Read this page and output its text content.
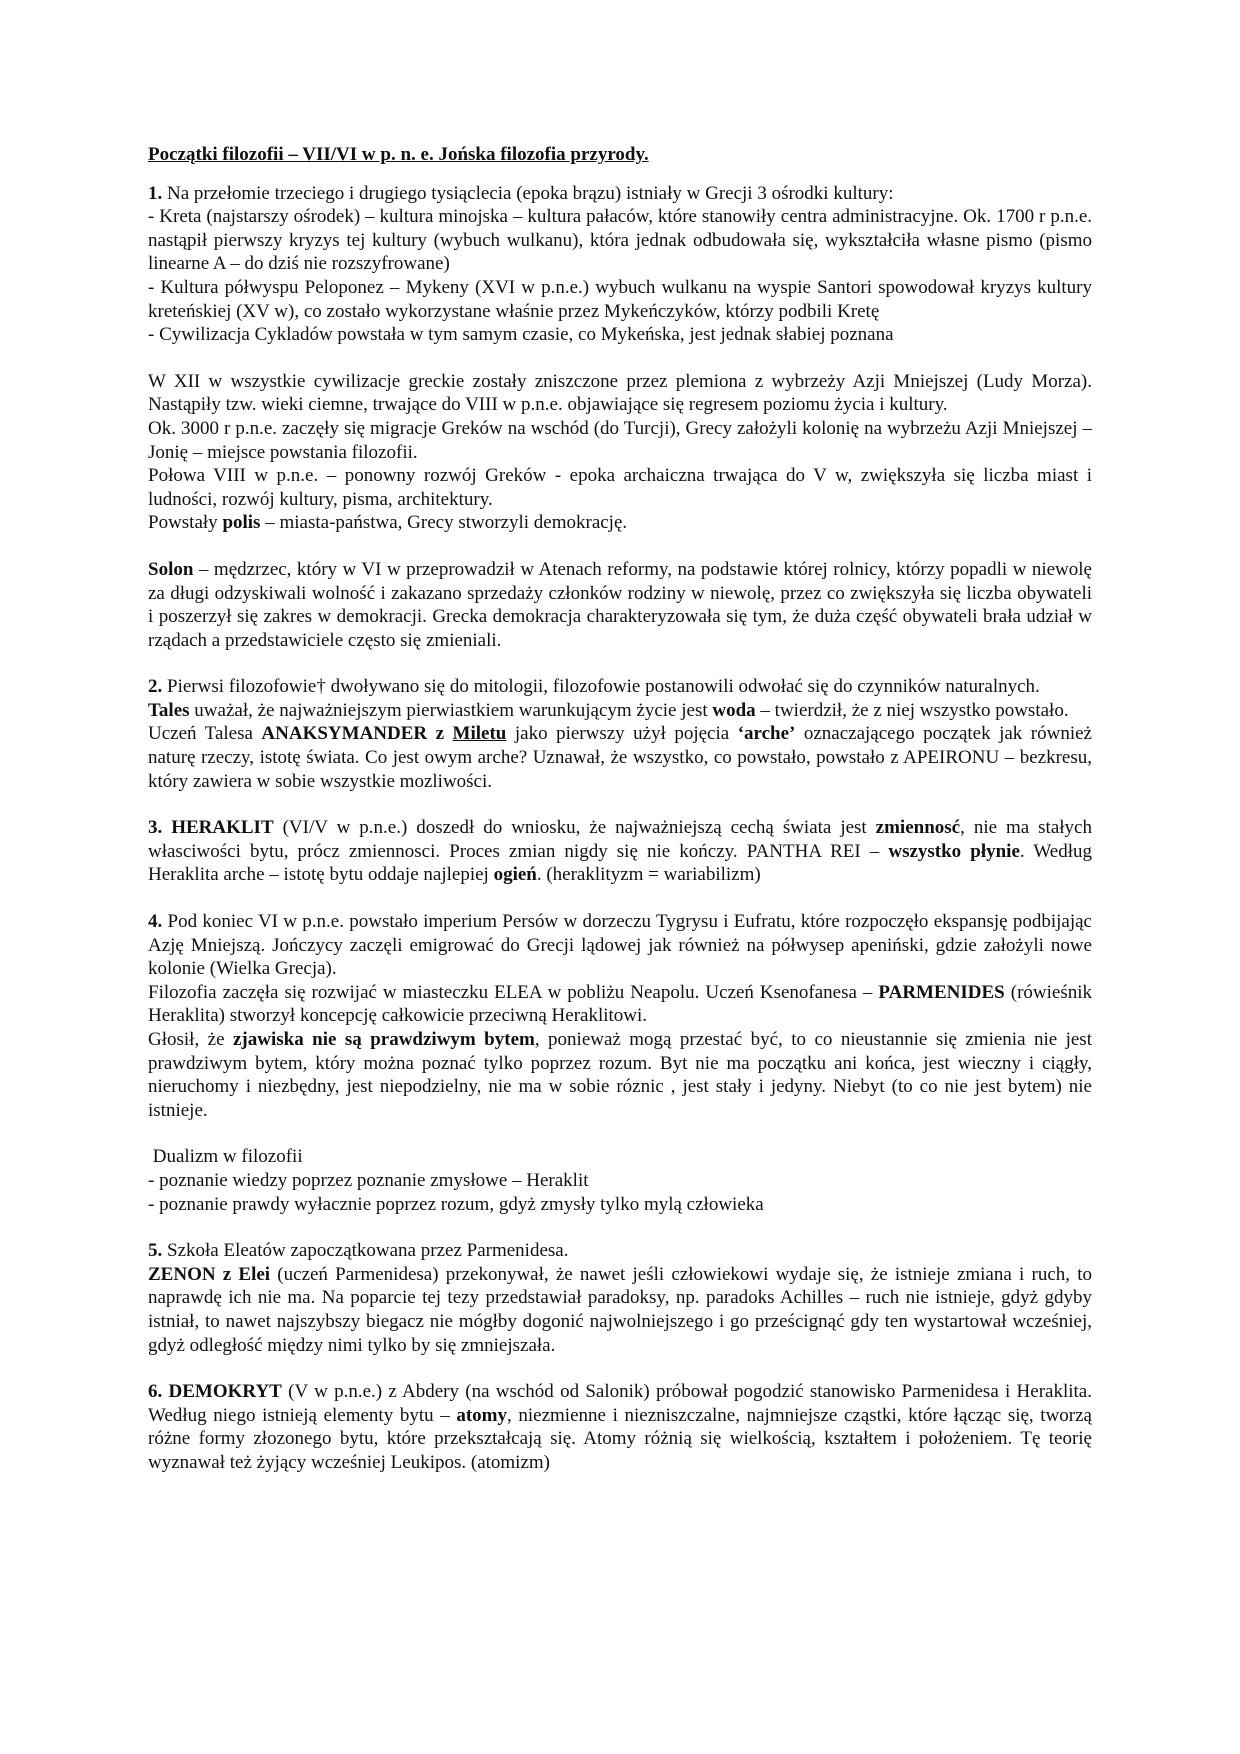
Początki filozofii – VII/VI w p. n. e. Jońska filozofia przyrody.

1. Na przełomie trzeciego i drugiego tysiąclecia (epoka brązu) istniały w Grecji 3 ośrodki kultury:

- Kreta (najstarszy ośrodek) – kultura minojska – kultura pałaców, które stanowiły centra administracyjne. Ok. 1700 r p.n.e. nastąpił pierwszy kryzys tej kultury (wybuch wulkanu), która jednak odbudowała się, wykształciła własne pismo (pismo linearne A – do dziś nie rozszyfrowane)

- Kultura półwyspu Peloponez – Mykeny (XVI w p.n.e.) wybuch wulkanu na wyspie Santori spowodował kryzys kultury kreteńskiej (XV w), co zostało wykorzystane właśnie przez Mykeńczyków, którzy podbili Kretę

- Cywilizacja Cykladów powstała w tym samym czasie, co Mykeńska, jest jednak słabiej poznana

W XII w wszystkie cywilizacje greckie zostały zniszczone przez plemiona z wybrzeży Azji Mniejszej (Ludy Morza). Nastąpiły tzw. wieki ciemne, trwające do VIII w p.n.e. objawiające się regresem poziomu życia i kultury.

Ok. 3000 r p.n.e. zaczęły się migracje Greków na wschód (do Turcji), Grecy założyli kolonię na wybrzeżu Azji Mniejszej – Jonię – miejsce powstania filozofii.

Połowa VIII w p.n.e. – ponowny rozwój Greków - epoka archaiczna trwająca do V w, zwiększyła się liczba miast i ludności, rozwój kultury, pisma, architektury.

Powstały polis – miasta-państwa, Grecy stworzyli demokrację.

Solon – mędzrzec, który w VI w przeprowadził w Atenach reformy, na podstawie której rolnicy, którzy popadli w niewolę za długi odzyskiwali wolność i zakazano sprzedaży członków rodziny w niewolę, przez co zwiększyła się liczba obywateli i poszerzył się zakres w demokracji. Grecka demokracja charakteryzowała się tym, że duża część obywateli brała udział w rządach a przedstawiciele często się zmieniali.

2. Pierwsi filozofowie† dwoływano się do mitologii, filozofowie postanowili odwołać się do czynników naturalnych.

Tales uważał, że najważniejszym pierwiastkiem warunkującym życie jest woda – twierdził, że z niej wszystko powstało.

Uczeń Talesa ANAKSYMANDER z Miletu jako pierwszy użył pojęcia ‘arche’ oznaczającego początek jak również naturę rzeczy, istotę świata. Co jest owym arche? Uznawał, że wszystko, co powstało, powstało z APEIRONU – bezkresu, który zawiera w sobie wszystkie mozliwości.

3. HERAKLIT (VI/V w p.n.e.) doszedł do wniosku, że najważniejszą cechą świata jest zmiennosć, nie ma stałych własciwości bytu, prócz zmiennosci. Proces zmian nigdy się nie kończy. PANTHA REI – wszystko płynie. Według Heraklita arche – istotę bytu oddaje najlepiej ogień. (heraklityzm = wariabilizm)

4. Pod koniec VI w p.n.e. powstało imperium Persów w dorzeczu Tygrysu i Eufratu, które rozpoczęło ekspansję podbijając Azję Mniejszą. Jończycy zaczęli emigrować do Grecji lądowej jak również na półwysep apeniński, gdzie założyli nowe kolonie (Wielka Grecja).

Filozofia zaczęła się rozwijać w miasteczku ELEA w pobliżu Neapolu. Uczeń Ksenofanesa – PARMENIDES (rówieśnik Heraklita) stworzył koncepcję całkowicie przeciwną Heraklitowi.

Głosił, że zjawiska nie są prawdziwym bytem, ponieważ mogą przestać być, to co nieustannie się zmienia nie jest prawdziwym bytem, który można poznać tylko poprzez rozum. Byt nie ma początku ani końca, jest wieczny i ciągły, nieruchomy i niezbędny, jest niepodzielny, nie ma w sobie róznic , jest stały i jedyny. Niebyt (to co nie jest bytem) nie istnieje.

Dualizm w filozofii

- poznanie wiedzy poprzez poznanie zmysłowe – Heraklit

- poznanie prawdy wyłacznie poprzez rozum, gdyż zmysły tylko mylą człowieka

5. Szkoła Eleatów zapoczątkowana przez Parmenidesa.

ZENON z Elei (uczeń Parmenidesa) przekonywał, że nawet jeśli człowiekowi wydaje się, że istnieje zmiana i ruch, to naprawdę ich nie ma. Na poparcie tej tezy przedstawiał paradoksy, np. paradoks Achilles – ruch nie istnieje, gdyż gdyby istniał, to nawet najszybszy biegacz nie mógłby dogonić najwolniejszego i go prześcignąć gdy ten wystartował wcześniej, gdyż odległość między nimi tylko by się zmniejszała.

6. DEMOKRYT (V w p.n.e.) z Abdery (na wschód od Salonik) próbował pogodzić stanowisko Parmenidesa i Heraklita. Według niego istnieją elementy bytu – atomy, niezmienne i niezniszczalne, najmniejsze cząstki, które łącząc się, tworzą różne formy złozonego bytu, które przekształcają się. Atomy różnią się wielkością, kształtem i położeniem. Tę teorię wyznawał też żyjący wcześniej Leukipos. (atomizm)
